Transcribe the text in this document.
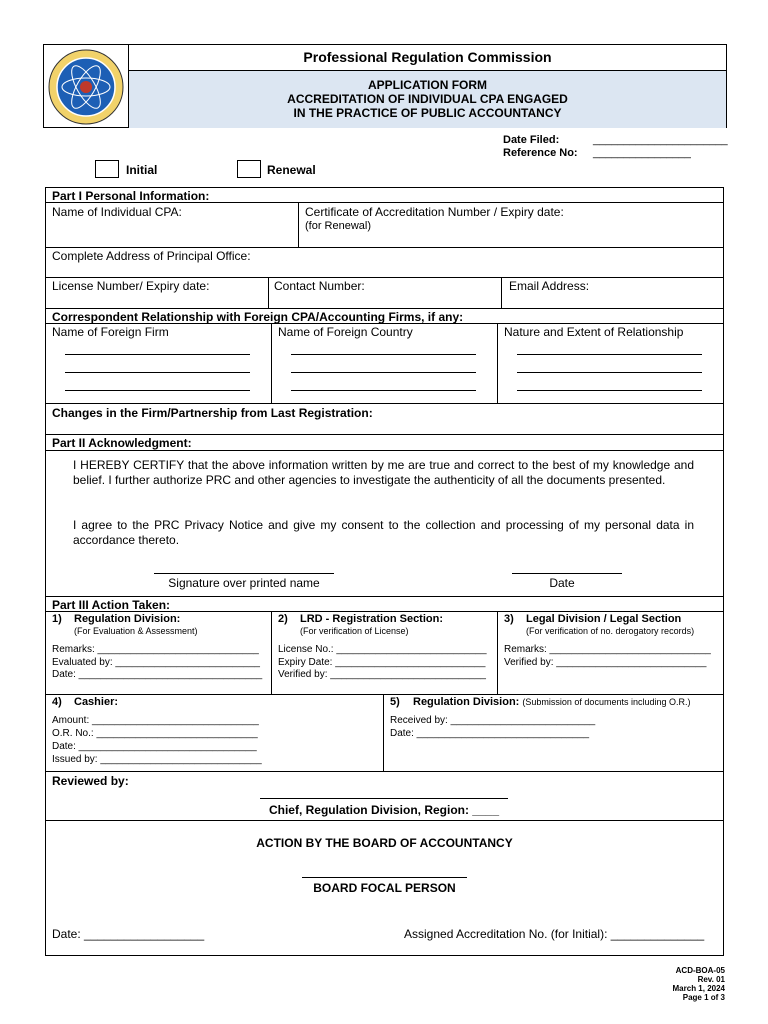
Professional Regulation Commission
APPLICATION FORM
ACCREDITATION OF INDIVIDUAL CPA ENGAGED
IN THE PRACTICE OF PUBLIC ACCOUNTANCY
Date Filed:	______________________
Reference No: ________________
Initial	Renewal
Part I Personal Information:
Name of Individual CPA:	Certificate of Accreditation Number / Expiry date:
(for Renewal)
Complete Address of Principal Office:
License Number/ Expiry date:	Contact Number:	Email Address:
Correspondent Relationship with Foreign CPA/Accounting Firms, if any:
Name of Foreign Firm	Name of Foreign Country	Nature and Extent of Relationship
Changes in the Firm/Partnership from Last Registration:
Part II Acknowledgment:
I HEREBY CERTIFY that the above information written by me are true and correct to the best of my knowledge and belief. I further authorize PRC and other agencies to investigate the authenticity of all the documents presented.
I agree to the PRC Privacy Notice and give my consent to the collection and processing of my personal data in accordance thereto.
Signature over printed name	Date
Part III Action Taken:
1) Regulation Division:
(For Evaluation & Assessment)
Remarks: _____________________________
Evaluated by: __________________________
Date: _________________________________
2) LRD - Registration Section:
(For verification of License)
License No.: ___________________________
Expiry Date: ___________________________
Verified by: ____________________________
3) Legal Division / Legal Section
(For verification of no. derogatory records)
Remarks: _____________________________
Verified by: ___________________________
4) Cashier:
Amount: ______________________________
O.R. No.: _____________________________
Date: ________________________________
Issued by: _____________________________
5) Regulation Division: (Submission of documents including O.R.)
Received by: __________________________
Date: _______________________________
Reviewed by:
Chief, Regulation Division, Region: ____
ACTION BY THE BOARD OF ACCOUNTANCY
BOARD FOCAL PERSON
Date: __________________	Assigned Accreditation No. (for Initial): ______________
ACD-BOA-05
Rev. 01
March 1, 2024
Page 1 of 3
